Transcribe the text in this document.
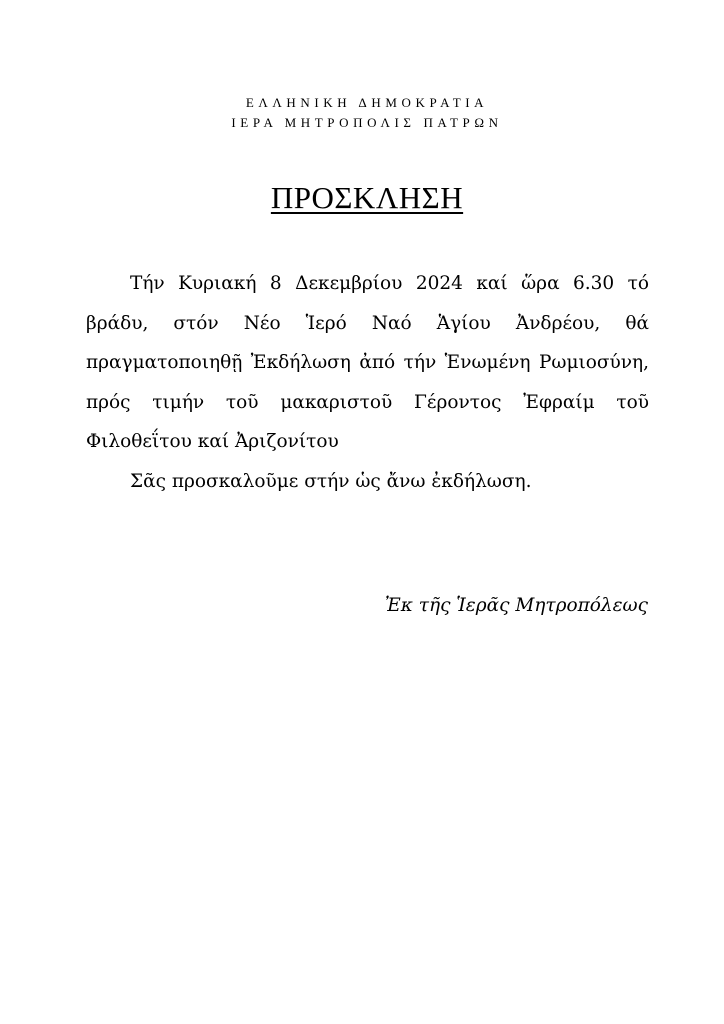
ΕΛΛΗΝΙΚΗ ΔΗΜΟΚΡΑΤΙΑ
ΙΕΡΑ ΜΗΤΡΟΠΟΛΙΣ ΠΑΤΡΩΝ
ΠΡΟΣΚΛΗΣΗ

Τήν Κυριακή 8 Δεκεμβρίου 2024 καί ὥρα 6.30 τό βράδυ, στόν Νέο Ἱερό Ναό Ἁγίου Ἀνδρέου, θά πραγματοποιηθῇ Ἐκδήλωση ἀπό τήν Ἑνωμένη Ρωμιοσύνη, πρός τιμήν τοῦ μακαριστοῦ Γέροντος Ἐφραίμ τοῦ Φιλοθεΐτου καί Ἀριζονίτου

Σᾶς προσκαλοῦμε στήν ὡς ἄνω ἐκδήλωση.

Ἐκ τῆς Ἱερᾶς Μητροπόλεως
